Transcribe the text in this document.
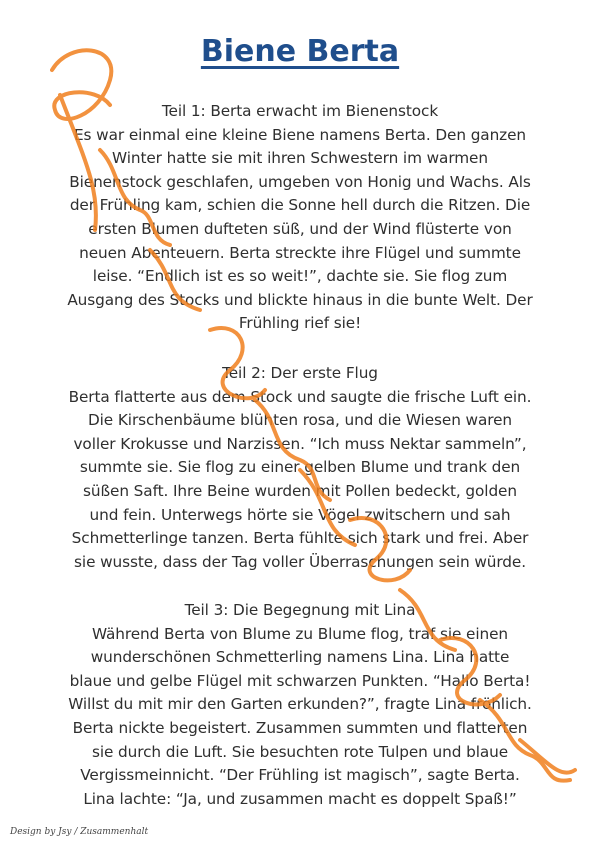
Biene Berta
Teil 1: Berta erwacht im Bienenstock
Es war einmal eine kleine Biene namens Berta. Den ganzen
Winter hatte sie mit ihren Schwestern im warmen
Bienenstock geschlafen, umgeben von Honig und Wachs. Als
der Frühling kam, schien die Sonne hell durch die Ritzen. Die
ersten Blumen dufteten süß, und der Wind flüsterte von
neuen Abenteuern. Berta streckte ihre Flügel und summte
leise. “Endlich ist es so weit!”, dachte sie. Sie flog zum
Ausgang des Stocks und blickte hinaus in die bunte Welt. Der
Frühling rief sie!
Teil 2: Der erste Flug
Berta flatterte aus dem Stock und saugte die frische Luft ein.
Die Kirschenbäume blühten rosa, und die Wiesen waren
voller Krokusse und Narzissen. “Ich muss Nektar sammeln”,
summte sie. Sie flog zu einer gelben Blume und trank den
süßen Saft. Ihre Beine wurden mit Pollen bedeckt, golden
und fein. Unterwegs hörte sie Vögel zwitschern und sah
Schmetterlinge tanzen. Berta fühlte sich stark und frei. Aber
sie wusste, dass der Tag voller Überraschungen sein würde.
Teil 3: Die Begegnung mit Lina
Während Berta von Blume zu Blume flog, traf sie einen
wunderschönen Schmetterling namens Lina. Lina hatte
blaue und gelbe Flügel mit schwarzen Punkten. “Hallo Berta!
Willst du mit mir den Garten erkunden?”, fragte Lina fröhlich.
Berta nickte begeistert. Zusammen summten und flatterten
sie durch die Luft. Sie besuchten rote Tulpen und blaue
Vergissmeinnicht. “Der Frühling ist magisch”, sagte Berta.
Lina lachte: “Ja, und zusammen macht es doppelt Spaß!”
Design by Jsy / Zusammenhalt
